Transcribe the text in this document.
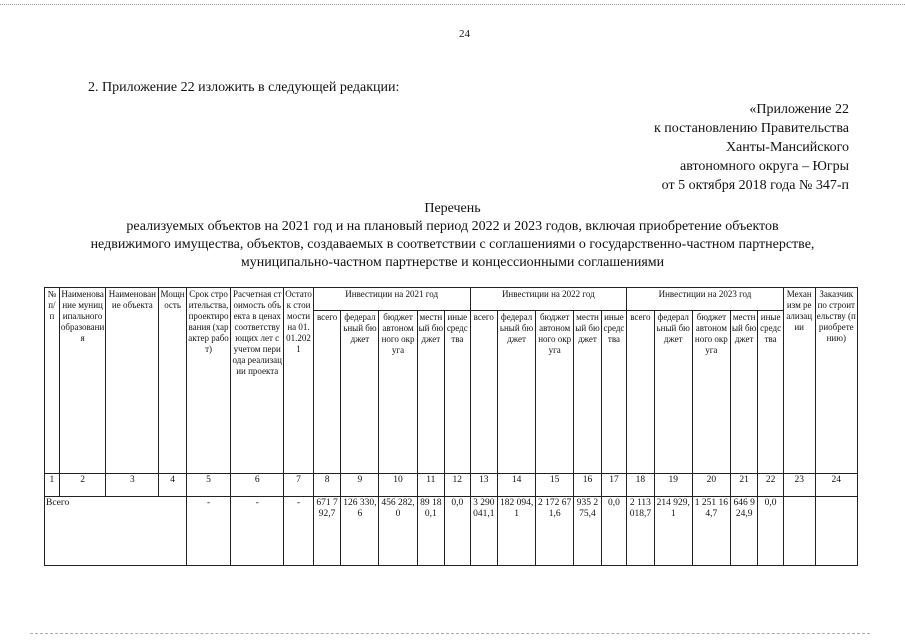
24
2. Приложение 22 изложить в следующей редакции:
«Приложение 22
к постановлению Правительства
Ханты-Мансийского
автономного округа – Югры
от 5 октября 2018 года № 347-п
Перечень
реализуемых объектов на 2021 год и на плановый период 2022 и 2023 годов, включая приобретение объектов
недвижимого имущества, объектов, создаваемых в соответствии с соглашениями о государственно-частном партнерстве,
муниципально-частном партнерстве и концессионными соглашениями
№ п/п	Наименование муниципального образования	Наименование объекта	Мощность	Срок строительства, проектирования (характер работ)	Расчетная стоимость объекта в ценах соответствующих лет с учетом периода реализации проекта	Остаток стоимости на 01.01.2021	Инвестиции на 2021 год					Инвестиции на 2022 год					Инвестиции на 2023 год					Механизм реализации	Заказчик по строительству (приобретению)
							всего	федеральный бюджет	бюджет автономного округа	местный бюджет	иные средства	всего	федеральный бюджет	бюджет автономного округа	местный бюджет	иные средства	всего	федеральный бюджет	бюджет автономного округа	местный бюджет	иные средства		
1	2	3	4	5	6	7	8	9	10	11	12	13	14	15	16	17	18	19	20	21	22	23	24
Всего				-	-	-	671 792,7	126 330,6	456 282,0	89 180,1	0,0	3 290 041,1	182 094,1	2 172 671,6	935 275,4	0,0	2 113 018,7	214 929,1	1 251 164,7	646 924,9	0,0		
